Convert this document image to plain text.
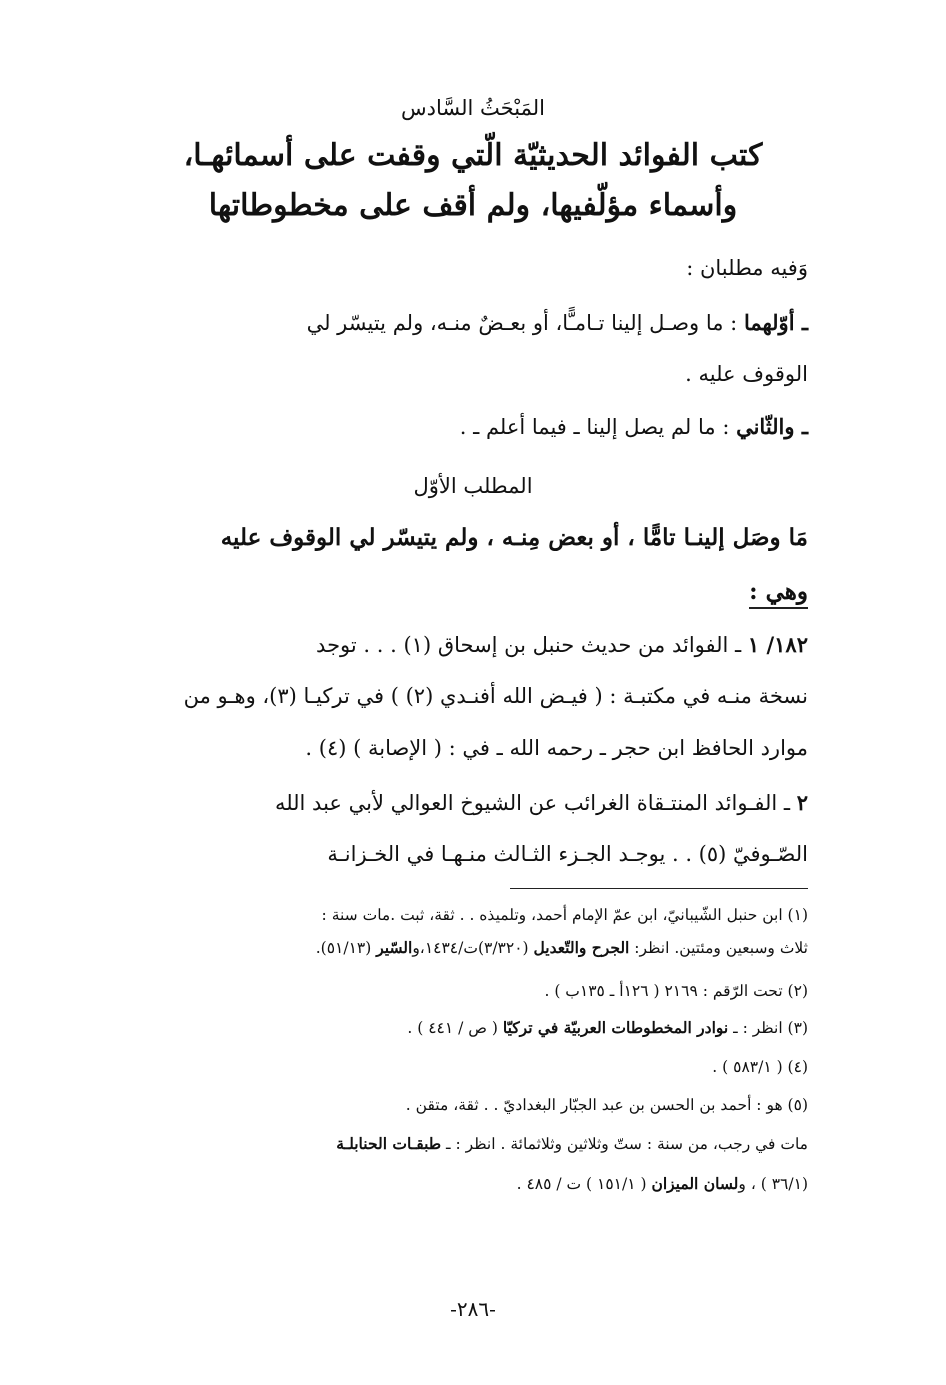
المَبْحَثُ السَّادس
كتب الفوائد الحديثيّة الّتي وقفت على أسمائهـا،
وأسماء مؤلّفيها، ولم أقف على مخطوطاتها
وَفيه مطلبان :
ـ أوّلهما : ما وصـل إلينا تـامـًّا، أو بعـضٌ منـه، ولم يتيسّر لي
الوقوف عليه .
ـ والثّاني : ما لم يصل إلينا ـ فيما أعلم ـ .
المطلب الأوّل
مَا وصَل إلينـا تامًّا ، أو بعض مِنـه ، ولم يتيسّر لي الوقوف عليه
وهي :
١٨٢/ ١ ـ الفوائد من حديث حنبل بن إسحاق (١) . . . توجد
نسخة منـه في مكتبـة : ( فيـض الله أفنـدي (٢) ) في تركيـا (٣)، وهـو من
موارد الحافظ ابن حجر ـ رحمه الله ـ في : ( الإصابة ) (٤) .
٢ ـ الفـوائد المنتـقاة الغرائب عن الشيوخ العوالي لأبي عبد الله
الصّـوفيّ (٥) . . يوجـد الجـزء الثـالث منـهـا في الخـزانـة
(١) ابن حنبل الشّيبانيّ، ابن عمّ الإمام أحمد، وتلميذه . . ثقة، ثبت .مات سنة :
ثلاث وسبعين ومئتين. انظر: الجرح والتّعديل (٣/٣٢٠)ت/١٤٣٤،والسّير (٥١/١٣).
(٢) تحت الرّقم : ٢١٦٩ ( ١٢٦أ ـ ١٣٥ب ) .
(٣) انظر : ـ نوادر المخطوطات العربيّة في تركيّا ( ص / ٤٤١ ) .
(٤) ( ٥٨٣/١ ) .
(٥) هو : أحمد بن الحسن بن عبد الجبّار البغداديّ . . ثقة، متقن .
مات في رجب، من سنة : ستّ وثلاثين وثلاثمائة . انظر : ـ طبقـات الحنابلـة
(٣٦/١ ) ، ولسان الميزان ( ١٥١/١ ) ت / ٤٨٥ .
-٢٨٦-
